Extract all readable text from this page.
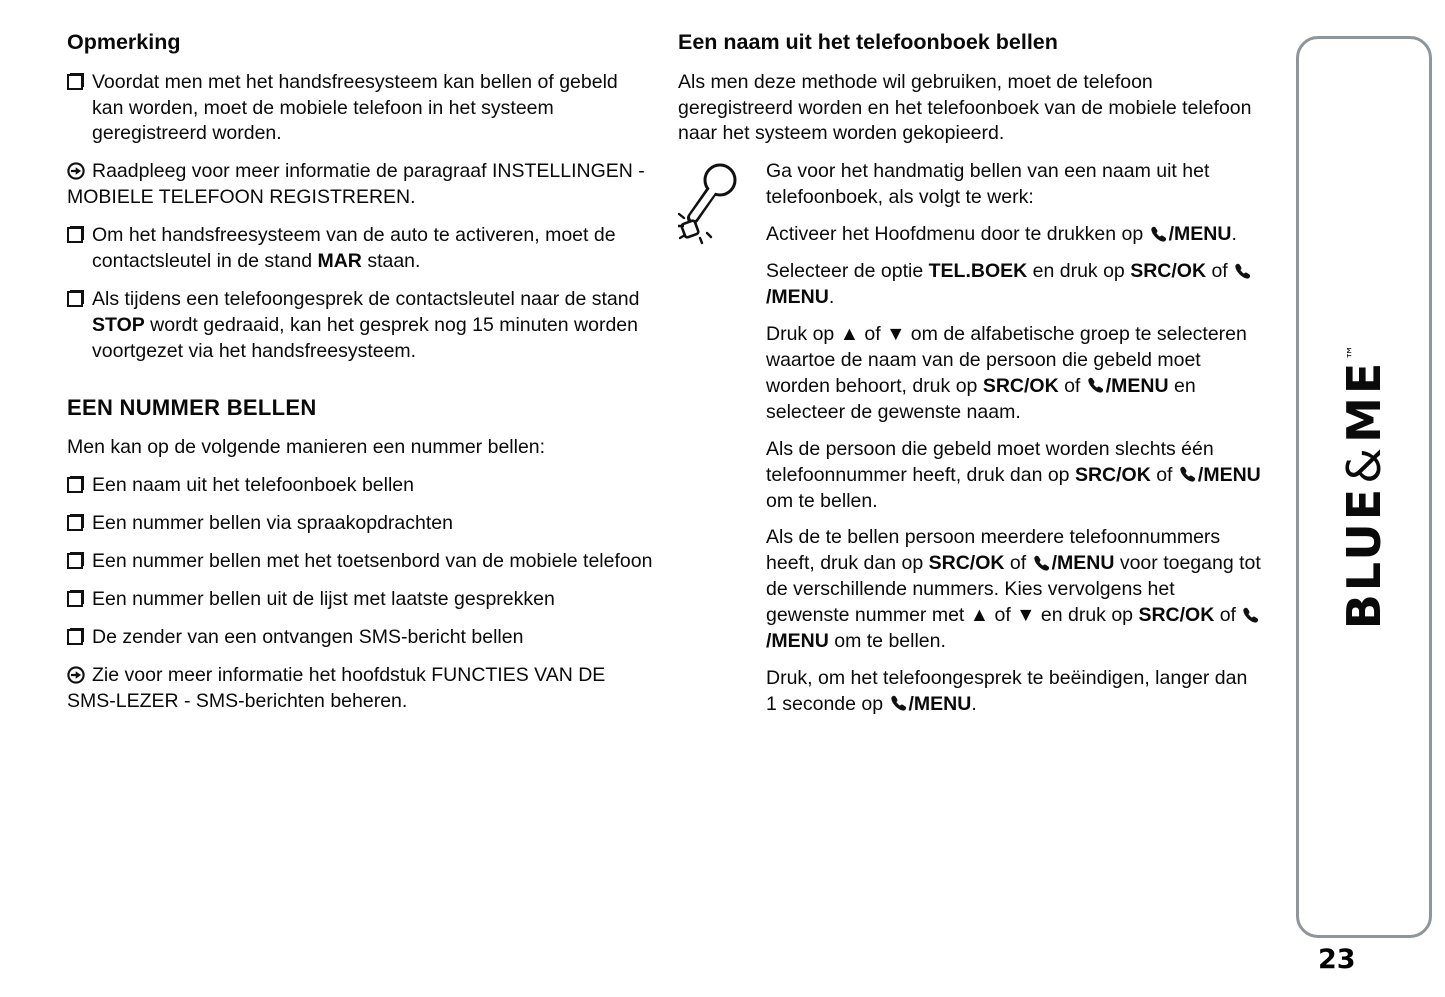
Opmerking
Voordat men met het handsfreesysteem kan bellen of gebeld kan worden, moet de mobiele telefoon in het systeem geregistreerd worden.

Raadpleeg voor meer informatie de paragraaf INSTELLINGEN - MOBIELE TELEFOON REGISTREREN.

Om het handsfreesysteem van de auto te activeren, moet de contactsleutel in de stand MAR staan.
Als tijdens een telefoongesprek de contactsleutel naar de stand STOP wordt gedraaid, kan het gesprek nog 15 minuten worden voortgezet via het handsfreesysteem.
EEN NUMMER BELLEN

Men kan op de volgende manieren een nummer bellen:

Een naam uit het telefoonboek bellen
Een nummer bellen via spraakopdrachten
Een nummer bellen met het toetsenbord van de mobiele telefoon
Een nummer bellen uit de lijst met laatste gesprekken
De zender van een ontvangen SMS-bericht bellen

Zie voor meer informatie het hoofdstuk FUNCTIES VAN DE SMS-LEZER - SMS-berichten beheren.

Een naam uit het telefoonboek bellen

Als men deze methode wil gebruiken, moet de telefoon geregistreerd worden en het telefoonboek van de mobiele telefoon naar het systeem worden gekopieerd.

Ga voor het handmatig bellen van een naam uit het telefoonboek, als volgt te werk:

Activeer het Hoofdmenu door te drukken op
/MENU.

Selecteer de optie TEL.BOEK en druk op SRC/OK of
/MENU.

Druk op ▲ of ▼ om de alfabetische groep te selecteren waartoe de naam van de persoon die gebeld moet worden behoort, druk op SRC/OK of
/MENU en selecteer de gewenste naam.

Als de persoon die gebeld moet worden slechts één telefoonnummer heeft, druk dan op SRC/OK of
/MENU om te bellen.

Als de te bellen persoon meerdere telefoonnummers heeft, druk dan op SRC/OK of
/MENU voor toegang tot de verschillende nummers. Kies vervolgens het gewenste nummer met ▲ of ▼ en druk op SRC/OK of
/MENU om te bellen.

Druk, om het telefoongesprek te beëindigen, langer dan 1 seconde op
/MENU.

BLUE&ME™
23
